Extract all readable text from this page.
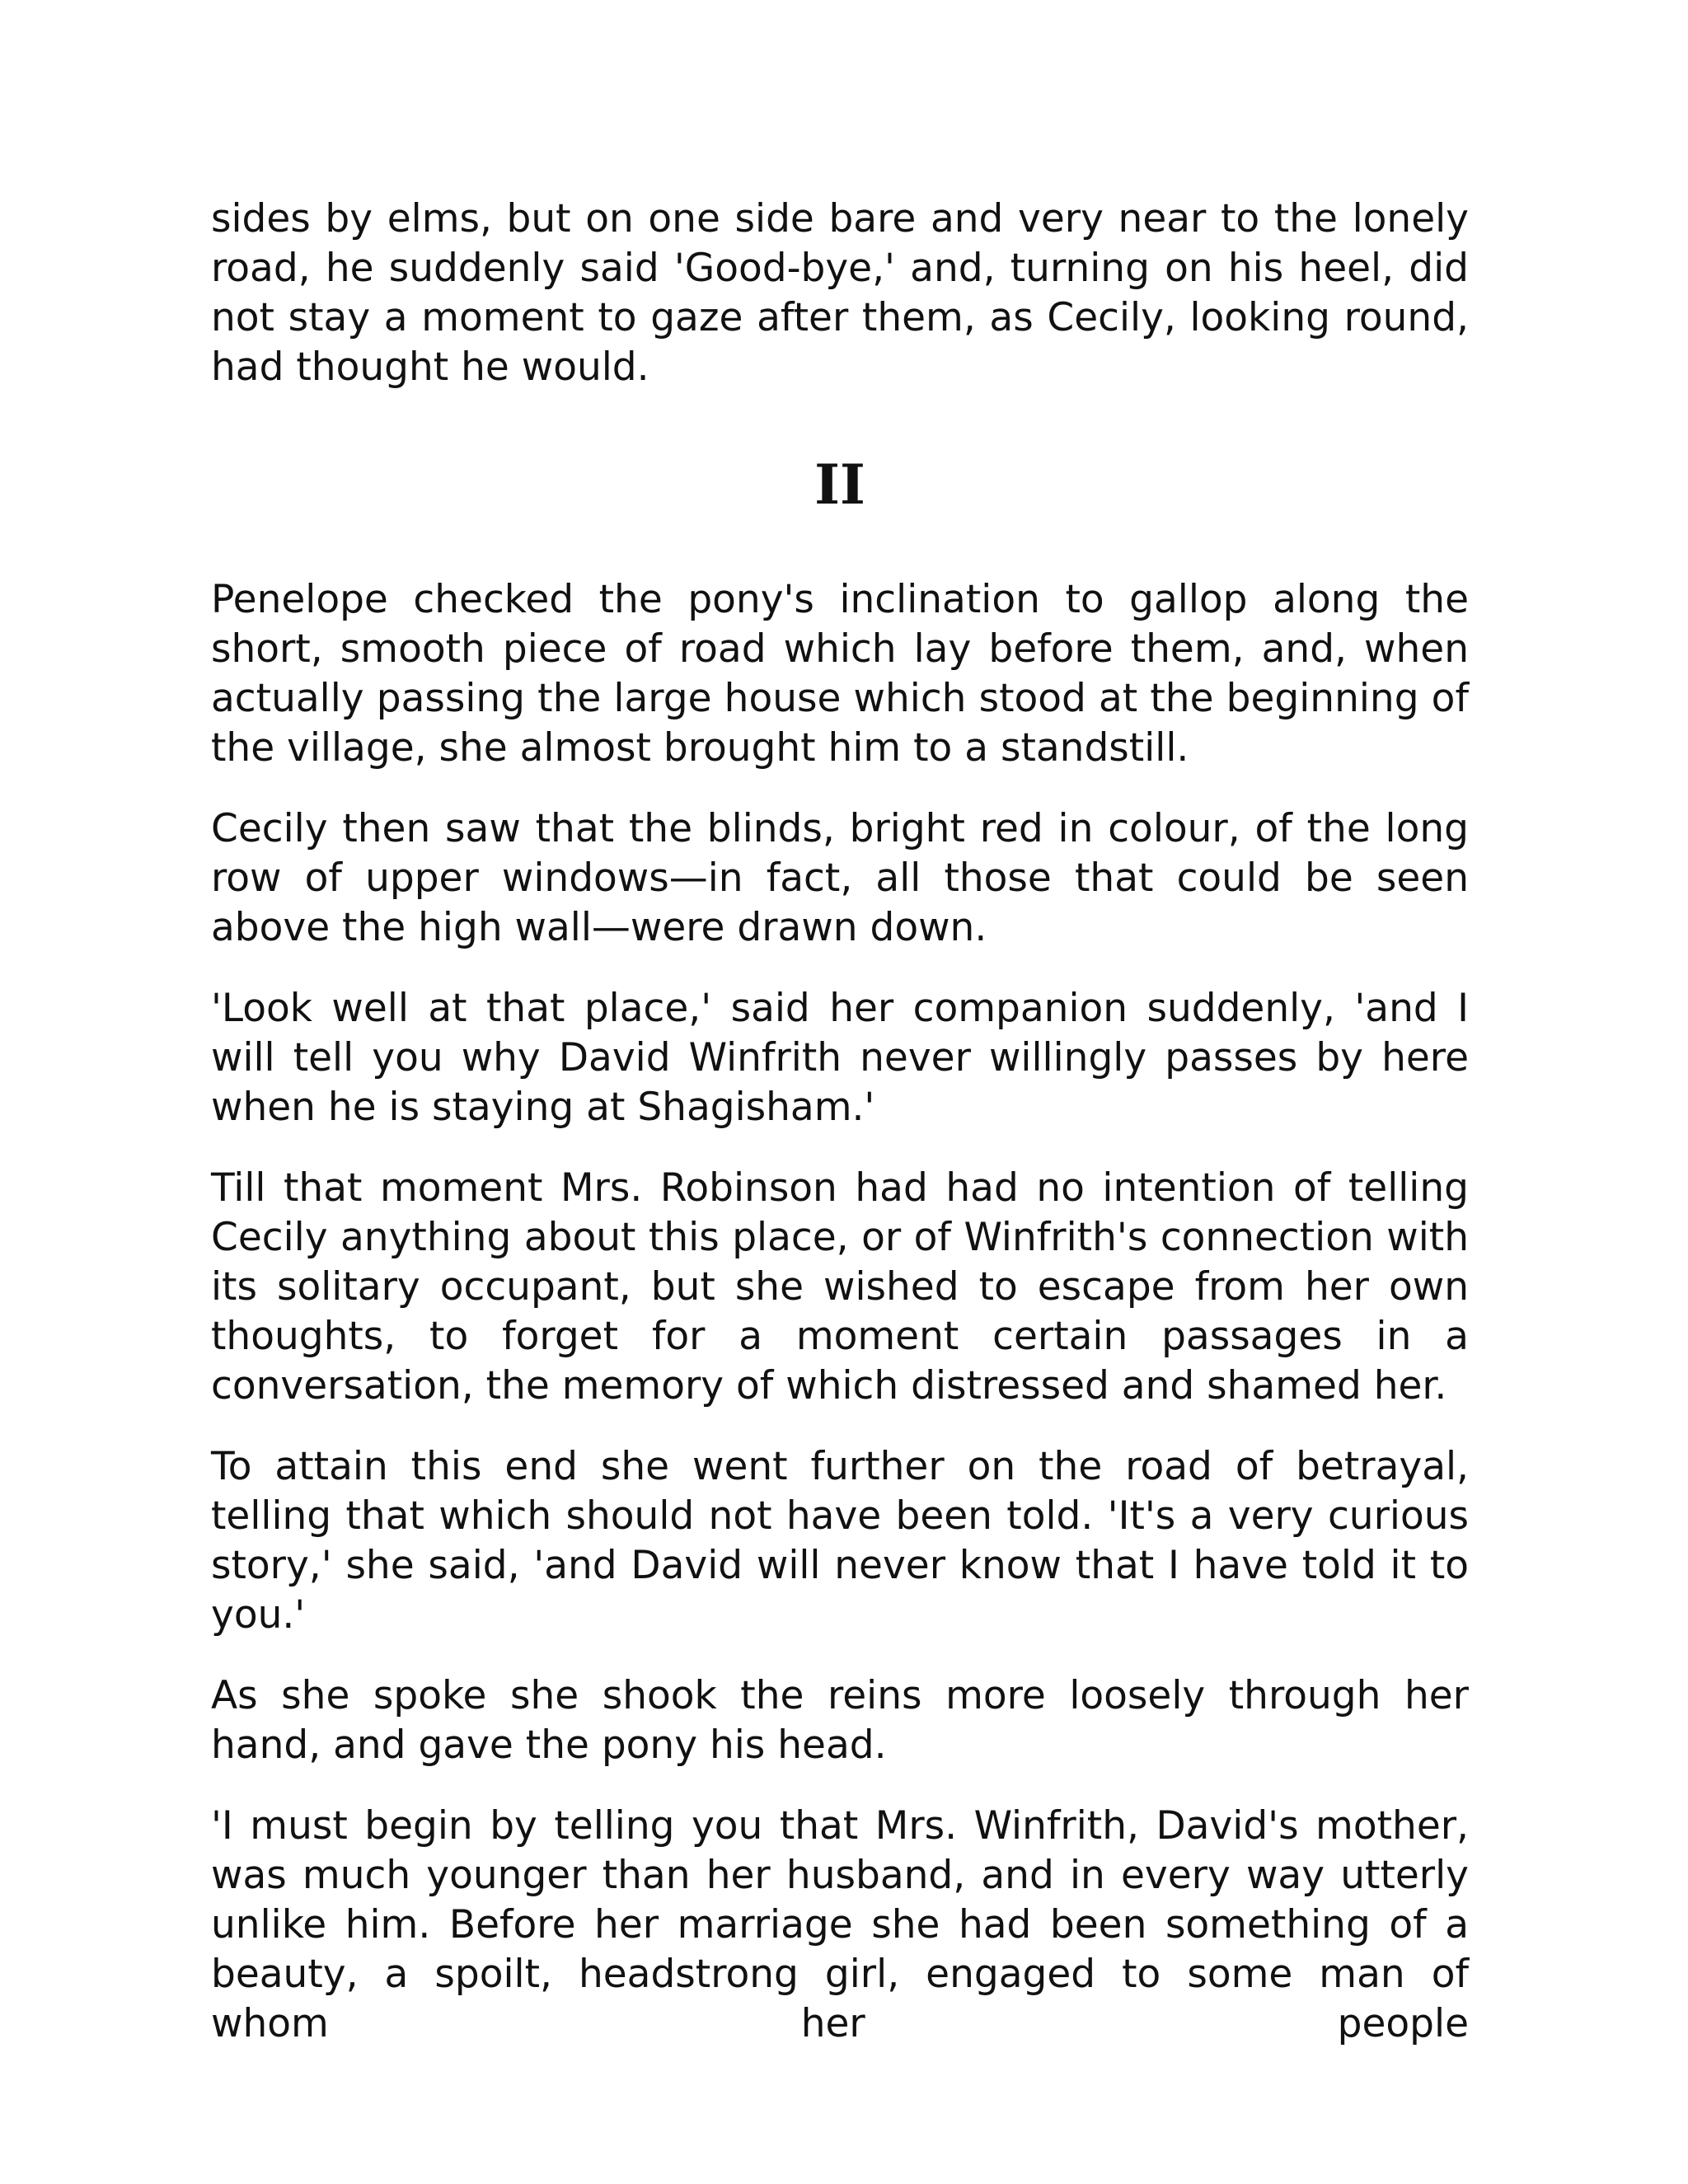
sides by elms, but on one side bare and very near to the lonely road, he suddenly said 'Good-bye,' and, turning on his heel, did not stay a moment to gaze after them, as Cecily, looking round, had thought he would.

II

Penelope checked the pony's inclination to gallop along the short, smooth piece of road which lay before them, and, when actually passing the large house which stood at the beginning of the village, she almost brought him to a standstill.

Cecily then saw that the blinds, bright red in colour, of the long row of upper windows—in fact, all those that could be seen above the high wall—were drawn down.

'Look well at that place,' said her companion suddenly, 'and I will tell you why David Winfrith never willingly passes by here when he is staying at Shagisham.'

Till that moment Mrs. Robinson had had no intention of telling Cecily anything about this place, or of Winfrith's connection with its solitary occupant, but she wished to escape from her own thoughts, to forget for a moment certain passages in a conversation, the memory of which distressed and shamed her.

To attain this end she went further on the road of betrayal, telling that which should not have been told. 'It's a very curious story,' she said, 'and David will never know that I have told it to you.'

As she spoke she shook the reins more loosely through her hand, and gave the pony his head.

'I must begin by telling you that Mrs. Winfrith, David's mother, was much younger than her husband, and in every way utterly unlike him. Before her marriage she had been something of a beauty, a spoilt, headstrong girl, engaged to some man of whom her people
